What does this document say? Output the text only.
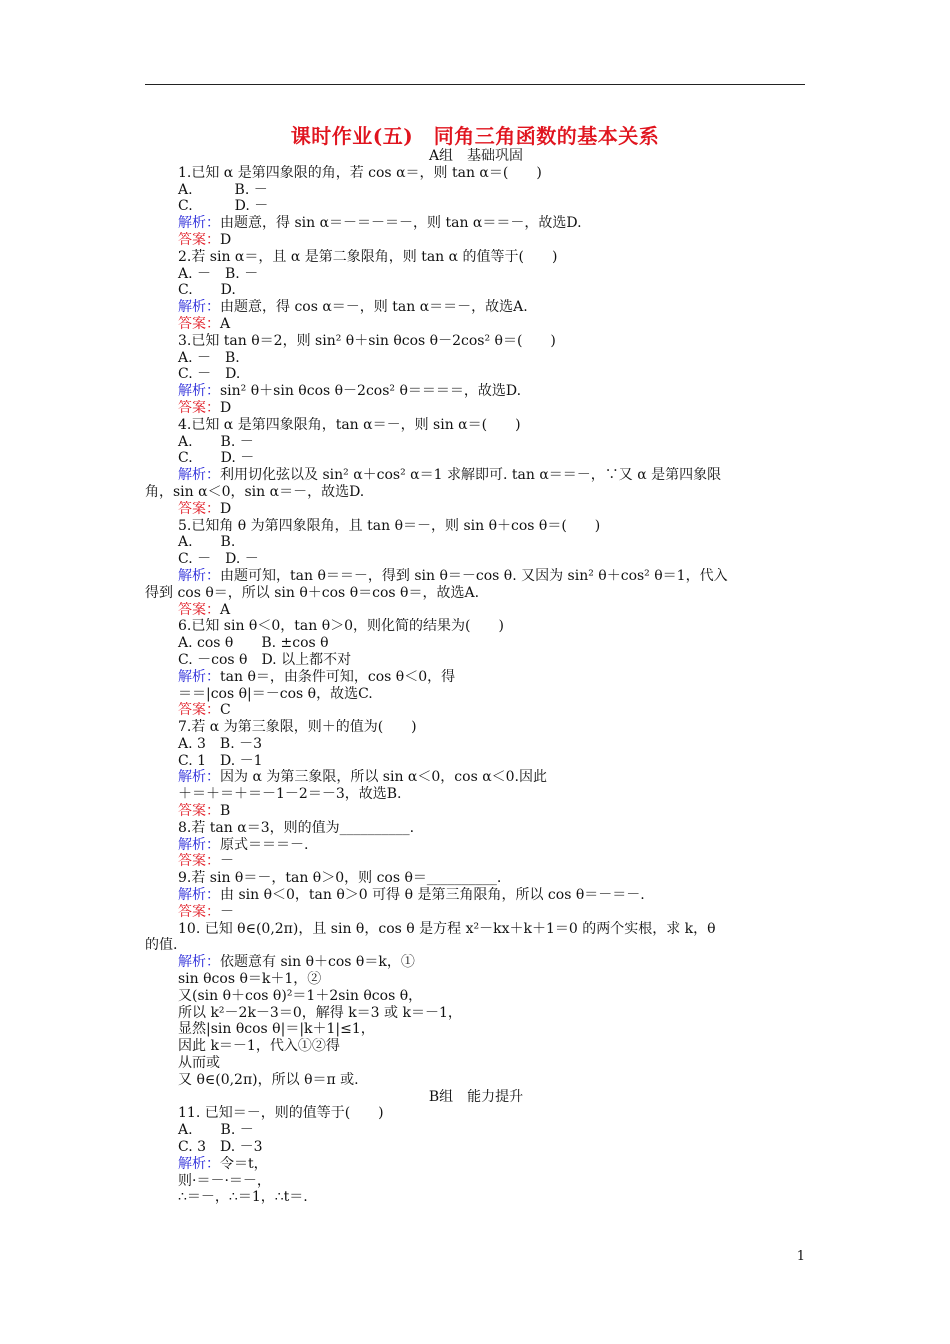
课时作业(五)　同角三角函数的基本关系
A组　基础巩固
1.已知 α 是第四象限的角，若 cos α＝，则 tan α＝(　　)
A.　　　B. －
C.　　　D. －
解析：由题意，得 sin α＝－＝－＝－，则 tan α＝＝－，故选D.
答案：D
2.若 sin α＝，且 α 是第二象限角，则 tan α 的值等于(　　)
A. －　B. －
C.　　D.
解析：由题意，得 cos α＝－，则 tan α＝＝－，故选A.
答案：A
3.已知 tan θ＝2，则 sin² θ＋sin θcos θ－2cos² θ＝(　　)
A. －　B.
C. －　D.
解析：sin² θ＋sin θcos θ－2cos² θ＝＝＝＝，故选D.
答案：D
4.已知 α 是第四象限角，tan α＝－，则 sin α＝(　　)
A.　　B. －
C.　　D. －
解析：利用切化弦以及 sin² α＋cos² α＝1 求解即可. tan α＝＝－，∵又 α 是第四象限
角，sin α＜0，sin α＝－，故选D.
答案：D
5.已知角 θ 为第四象限角，且 tan θ＝－，则 sin θ＋cos θ＝(　　)
A.　　B.
C. －　D. －
解析：由题可知，tan θ＝＝－，得到 sin θ＝－cos θ. 又因为 sin² θ＋cos² θ＝1，代入
得到 cos θ＝，所以 sin θ＋cos θ＝cos θ＝，故选A.
答案：A
6.已知 sin θ＜0，tan θ＞0，则化简的结果为(　　)
A. cos θ　　B. ±cos θ
C. －cos θ　D. 以上都不对
解析：tan θ＝，由条件可知，cos θ＜0，得
＝＝|cos θ|＝－cos θ，故选C.
答案：C
7.若 α 为第三象限，则＋的值为(　　)
A. 3　B. －3
C. 1　D. －1
解析：因为 α 为第三象限，所以 sin α＜0，cos α＜0.因此
＋＝＋＝＋＝－1－2＝－3，故选B.
答案：B
8.若 tan α＝3，则的值为__________.
解析：原式＝＝＝－.
答案：－
9.若 sin θ＝－，tan θ＞0，则 cos θ＝__________.
解析：由 sin θ＜0，tan θ＞0 可得 θ 是第三角限角，所以 cos θ＝－＝－.
答案：－
10. 已知 θ∈(0,2π)，且 sin θ，cos θ 是方程 x²－kx＋k＋1＝0 的两个实根，求 k，θ
的值.
解析：依题意有 sin θ＋cos θ＝k，①
sin θcos θ＝k＋1，②
又(sin θ＋cos θ)²＝1＋2sin θcos θ，
所以 k²－2k－3＝0，解得 k＝3 或 k＝－1，
显然|sin θcos θ|＝|k＋1|≤1，
因此 k＝－1，代入①②得
从而或
又 θ∈(0,2π)，所以 θ＝π 或.
B组　能力提升
11. 已知＝－，则的值等于(　　)
A.　　B. －
C. 3　D. －3
解析：令＝t，
则·＝－·＝－，
∴＝－，∴＝1，∴t＝.
1
